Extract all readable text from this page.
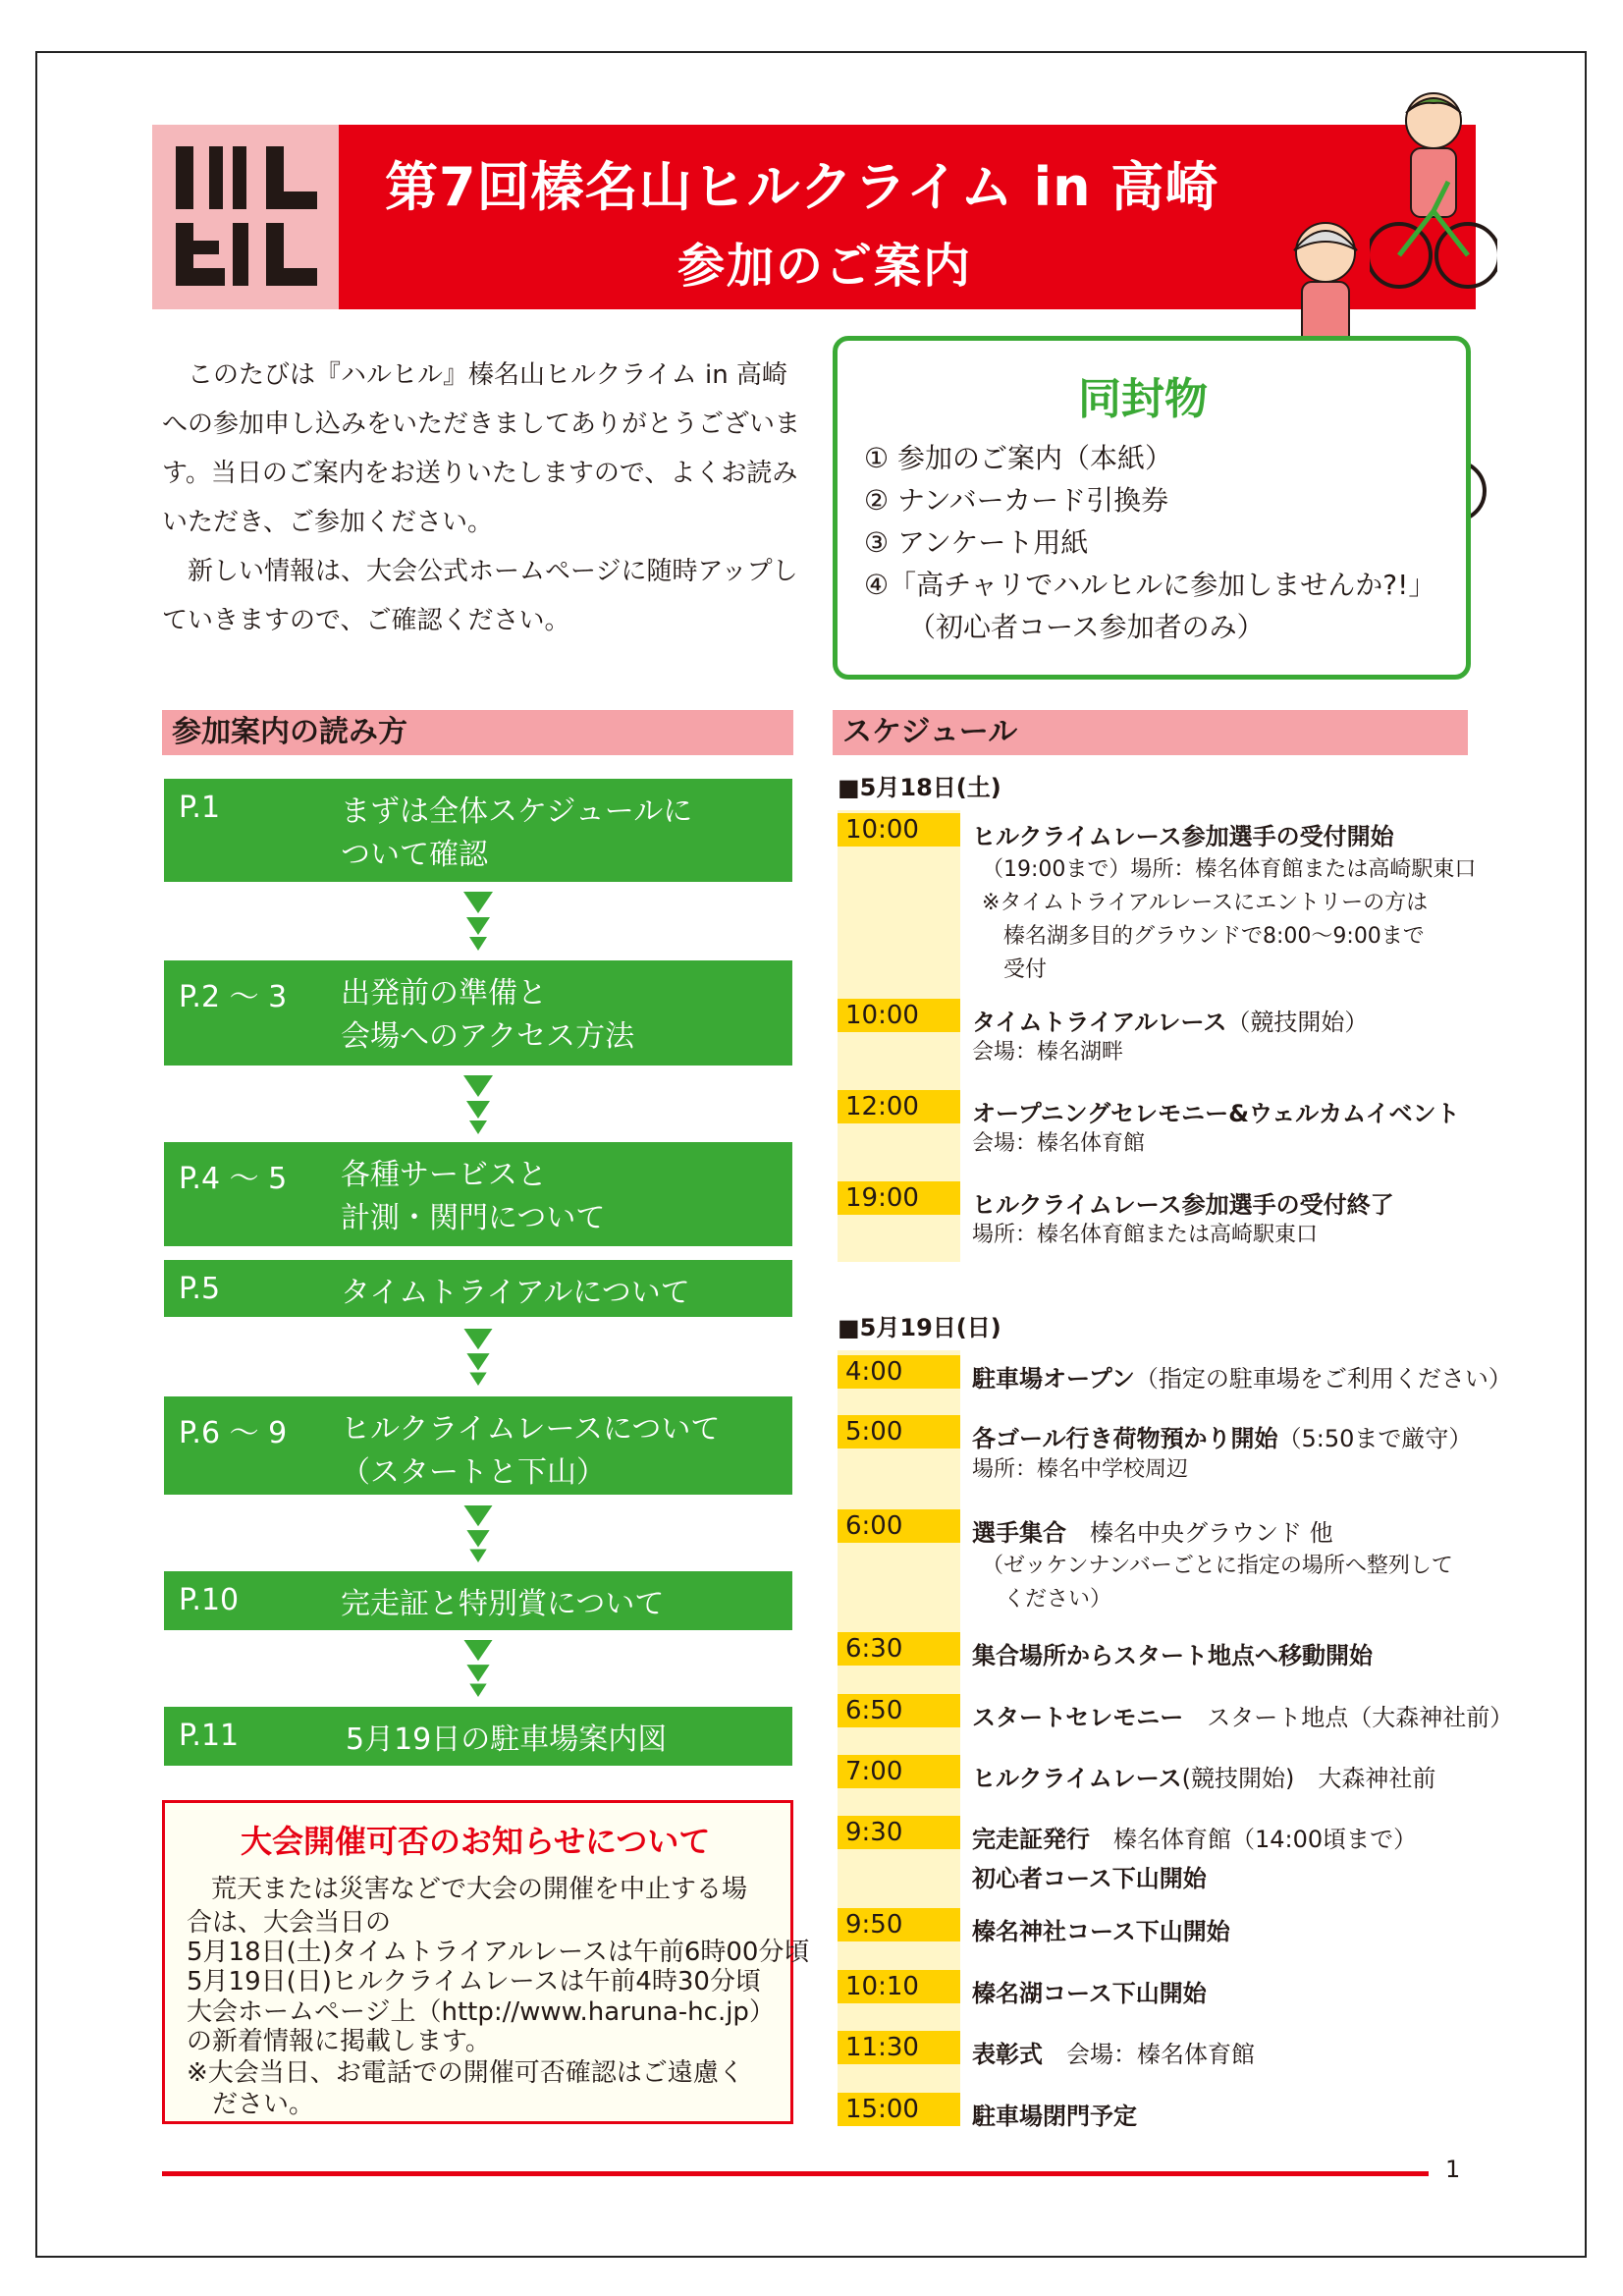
第7回榛名山ヒルクライム in 高崎
参加のご案内

このたびは『ハルヒル』榛名山ヒルクライム in 高崎への参加申し込みをいただきましてありがとうございます。当日のご案内をお送りいたしますので、よくお読みいただき、ご参加ください。

新しい情報は、大会公式ホームページに随時アップしていきますので、ご確認ください。

同封物
① 参加のご案内（本紙）
② ナンバーカード引換券
③ アンケート用紙
④「高チャリでハルヒルに参加しませんか?!」
（初心者コース参加者のみ）
参加案内の読み方
P.1	まずは全体スケジュールに
ついて確認
P.2 ～ 3 出発前の準備と
会場へのアクセス方法
P.4 ～ 5 各種サービスと
計測・関門について
P.5	タイムトライアルについて
P.6 ～ 9 ヒルクライムレースについて
（スタートと下山）
P.10	完走証と特別賞について
P.11	5月19日の駐車場案内図
大会開催可否のお知らせについて
荒天または災害などで大会の開催を中止する場
合は、大会当日の
5月18日(土)タイムトライアルレースは午前6時00分頃
5月19日(日)ヒルクライムレースは午前4時30分頃
大会ホームページ上（http://www.haruna-hc.jp）
の新着情報に掲載します。
※大会当日、お電話での開催可否確認はご遠慮く
　ださい。
スケジュール
■5月18日(土)
10:00	ヒルクライムレース参加選手の受付開始
（19:00まで）場所：榛名体育館または高崎駅東口
※タイムトライアルレースにエントリーの方は
　榛名湖多目的グラウンドで8:00～9:00まで
　受付
10:00	タイムトライアルレース（競技開始）
会場：榛名湖畔
12:00	オープニングセレモニー&ウェルカムイベント
会場：榛名体育館
19:00	ヒルクライムレース参加選手の受付終了
場所：榛名体育館または高崎駅東口
■5月19日(日)
4:00	駐車場オープン（指定の駐車場をご利用ください）
5:00	各ゴール行き荷物預かり開始（5:50まで厳守）
場所：榛名中学校周辺
6:00	選手集合　 榛名中央グラウンド 他
（ゼッケンナンバーごとに指定の場所へ整列して
　ください）
6:30	集合場所からスタート地点へ移動開始
6:50	スタートセレモニー　 スタート地点（大森神社前）
7:00	ヒルクライムレース(競技開始)　大森神社前
9:30	完走証発行　 榛名体育館（14:00頃まで）
初心者コース下山開始
9:50	榛名神社コース下山開始
10:10	榛名湖コース下山開始
11:30	表彰式　 会場：榛名体育館
15:00	駐車場閉門予定
1
